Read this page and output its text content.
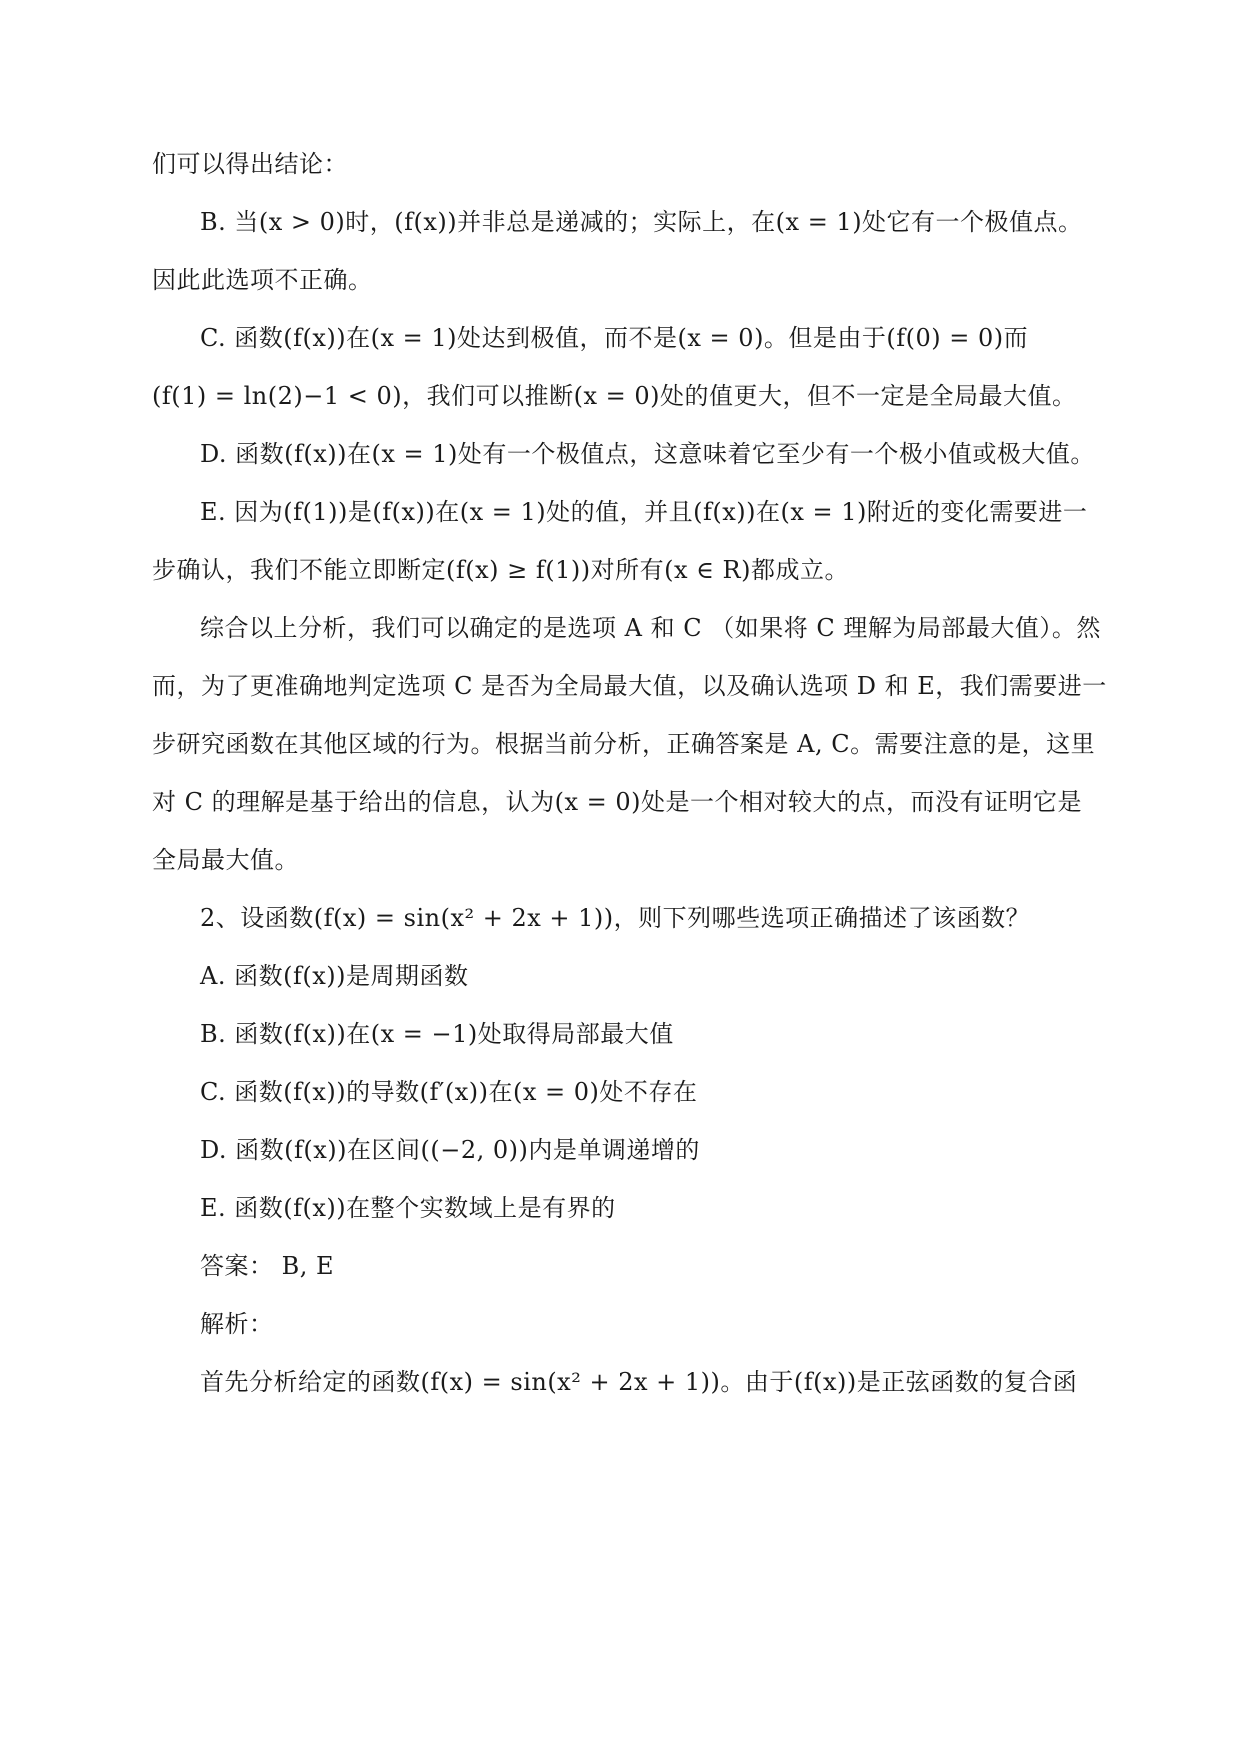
们可以得出结论：
B. 当(x > 0)时，(f(x))并非总是递减的；实际上，在(x = 1)处它有一个极值点。
因此此选项不正确。
C. 函数(f(x))在(x = 1)处达到极值，而不是(x = 0)。但是由于(f(0) = 0)而
(f(1) = ln(2)−1 < 0)，我们可以推断(x = 0)处的值更大，但不一定是全局最大值。
D. 函数(f(x))在(x = 1)处有一个极值点，这意味着它至少有一个极小值或极大值。
E. 因为(f(1))是(f(x))在(x = 1)处的值，并且(f(x))在(x = 1)附近的变化需要进一
步确认，我们不能立即断定(f(x) ≥ f(1))对所有(x ∈ R)都成立。
综合以上分析，我们可以确定的是选项 A 和 C （如果将 C 理解为局部最大值）。然
而，为了更准确地判定选项 C 是否为全局最大值，以及确认选项 D 和 E，我们需要进一
步研究函数在其他区域的行为。根据当前分析，正确答案是 A, C。需要注意的是，这里
对 C 的理解是基于给出的信息，认为(x = 0)处是一个相对较大的点，而没有证明它是
全局最大值。
2、设函数(f(x) = sin(x² + 2x + 1))，则下列哪些选项正确描述了该函数？
A. 函数(f(x))是周期函数
B. 函数(f(x))在(x = −1)处取得局部最大值
C. 函数(f(x))的导数(f′(x))在(x = 0)处不存在
D. 函数(f(x))在区间((−2, 0))内是单调递增的
E. 函数(f(x))在整个实数域上是有界的
答案： B, E
解析：
首先分析给定的函数(f(x) = sin(x² + 2x + 1))。由于(f(x))是正弦函数的复合函
